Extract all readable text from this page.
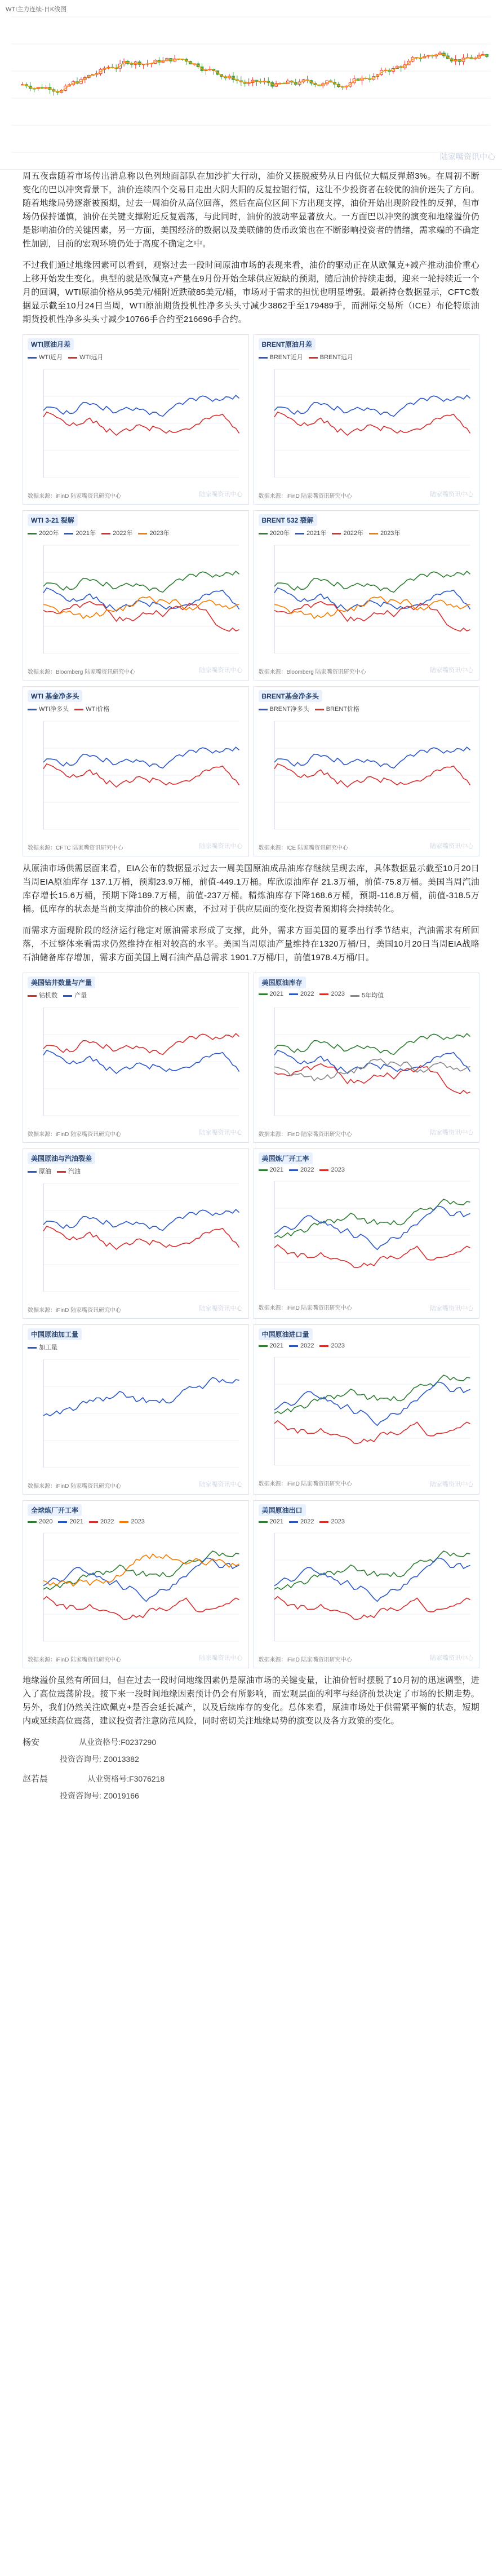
WTI主力连续-日K线图
陆家嘴资讯中心

周五夜盘随着市场传出消息称以色列地面部队在加沙扩大行动，油价又摆脱疲势从日内低位大幅反弹超3%。在周初不断变化的巴以冲突背景下，油价连续四个交易日走出大阴大阳的反复拉锯行情，这让不少投资者在较优的油价迷失了方向。随着地缘局势逐渐被预期，过去一周油价从高位回落，然后在高位区间下方出现支撑，油价开始出现阶段性的反弹，但市场仍保持谨慎，油价在关键支撑附近反复震荡，与此同时，油价的波动率显著放大。一方面巴以冲突的演变和地缘溢价仍是影响油价的关键因素，另一方面，美国经济的数据以及美联储的货币政策也在不断影响投资者的情绪，需求端的不确定性加剧，目前的宏观环境仍处于高度不确定之中。

不过我们通过地缘因素可以看到，观察过去一段时间原油市场的表现来看，油价的驱动正在从欧佩克+减产推动油价重心上移开始发生变化。典型的就是欧佩克+产量在9月份开始全球供应短缺的预期，随后油价持续走弱，迎来一轮持续近一个月的回调，WTI原油价格从95美元/桶附近跌破85美元/桶，市场对于需求的担忧也明显增强。最新持仓数据显示，CFTC数据显示截至10月24日当周，WTI原油期货投机性净多头头寸减少3862手至179489手，而洲际交易所（ICE）布伦特原油期货投机性净多头头寸减少10766手合约至216696手合约。

WTI原油月差
WTI近月	WTI远月
数据来源：iFinD 陆家嘴资讯研究中心	陆家嘴资讯中心
BRENT原油月差
BRENT近月	BRENT远月
数据来源：iFinD 陆家嘴资讯研究中心	陆家嘴资讯中心
WTI 3-21 裂解
2020年	2021年	2022年	2023年
数据来源：Bloomberg 陆家嘴资讯研究中心	陆家嘴资讯中心
BRENT 532 裂解
2020年	2021年	2022年	2023年
数据来源：Bloomberg 陆家嘴资讯研究中心	陆家嘴资讯中心
WTI 基金净多头
WTI净多头	WTI价格
数据来源：CFTC 陆家嘴资讯研究中心	陆家嘴资讯中心
BRENT基金净多头
BRENT净多头	BRENT价格
数据来源：ICE 陆家嘴资讯研究中心	陆家嘴资讯中心

从原油市场供需层面来看，EIA公布的数据显示过去一周美国原油成品油库存继续呈现去库，具体数据显示截至10月20日当周EIA原油库存 137.1万桶，预期23.9万桶，前值-449.1万桶。库欣原油库存 21.3万桶，前值-75.8万桶。美国当周汽油库存增长15.6万桶，预期下降189.7万桶，前值-237万桶。精炼油库存下降168.6万桶，预期-116.8万桶，前值-318.5万桶。低库存的状态是当前支撑油价的核心因素，不过对于供应层面的变化投资者预期将会持续转化。

而需求方面现阶段的经济运行稳定对原油需求形成了支撑，此外，需求方面美国的夏季出行季节结束，汽油需求有所回落，不过整体来看需求仍然维持在相对较高的水平。美国当周原油产量维持在1320万桶/日，美国10月20日当周EIA战略石油储备库存增加，需求方面美国上周石油产品总需求 1901.7万桶/日，前值1978.4万桶/日。

美国钻井数量与产量
钻机数	产量
数据来源：iFinD 陆家嘴资讯研究中心	陆家嘴资讯中心
美国原油库存
2021	2022	2023	5年均值
数据来源：iFinD 陆家嘴资讯研究中心	陆家嘴资讯中心
美国原油与汽油裂差
原油	汽油
数据来源：iFinD 陆家嘴资讯研究中心	陆家嘴资讯中心
美国炼厂开工率
2021	2022	2023
数据来源：iFinD 陆家嘴资讯研究中心	陆家嘴资讯中心
中国原油加工量
加工量
数据来源：iFinD 陆家嘴资讯研究中心	陆家嘴资讯中心
中国原油进口量
2021	2022	2023
数据来源：iFinD 陆家嘴资讯研究中心	陆家嘴资讯中心
全球炼厂开工率
2020	2021	2022	2023
数据来源：iFinD 陆家嘴资讯研究中心	陆家嘴资讯中心
美国原油出口
2021	2022	2023
数据来源：iFinD 陆家嘴资讯研究中心	陆家嘴资讯中心

地缘溢价虽然有所回归，但在过去一段时间地缘因素仍是原油市场的关键变量，让油价暂时摆脱了10月初的迅速调整，进入了高位震荡阶段。接下来一段时间地缘因素预计仍会有所影响，而宏观层面的利率与经济前景决定了市场的长期走势。另外，我们仍然关注欧佩克+是否会延长减产，以及后续库存的变化。总体来看，原油市场处于供需紧平衡的状态，短期内或延续高位震荡，建议投资者注意防范风险，同时密切关注地缘局势的演变以及各方政策的变化。

杨安	从业资格号:F0237290
投资咨询号: Z0013382
赵若晨	从业资格号:F3076218
投资咨询号: Z0019166
